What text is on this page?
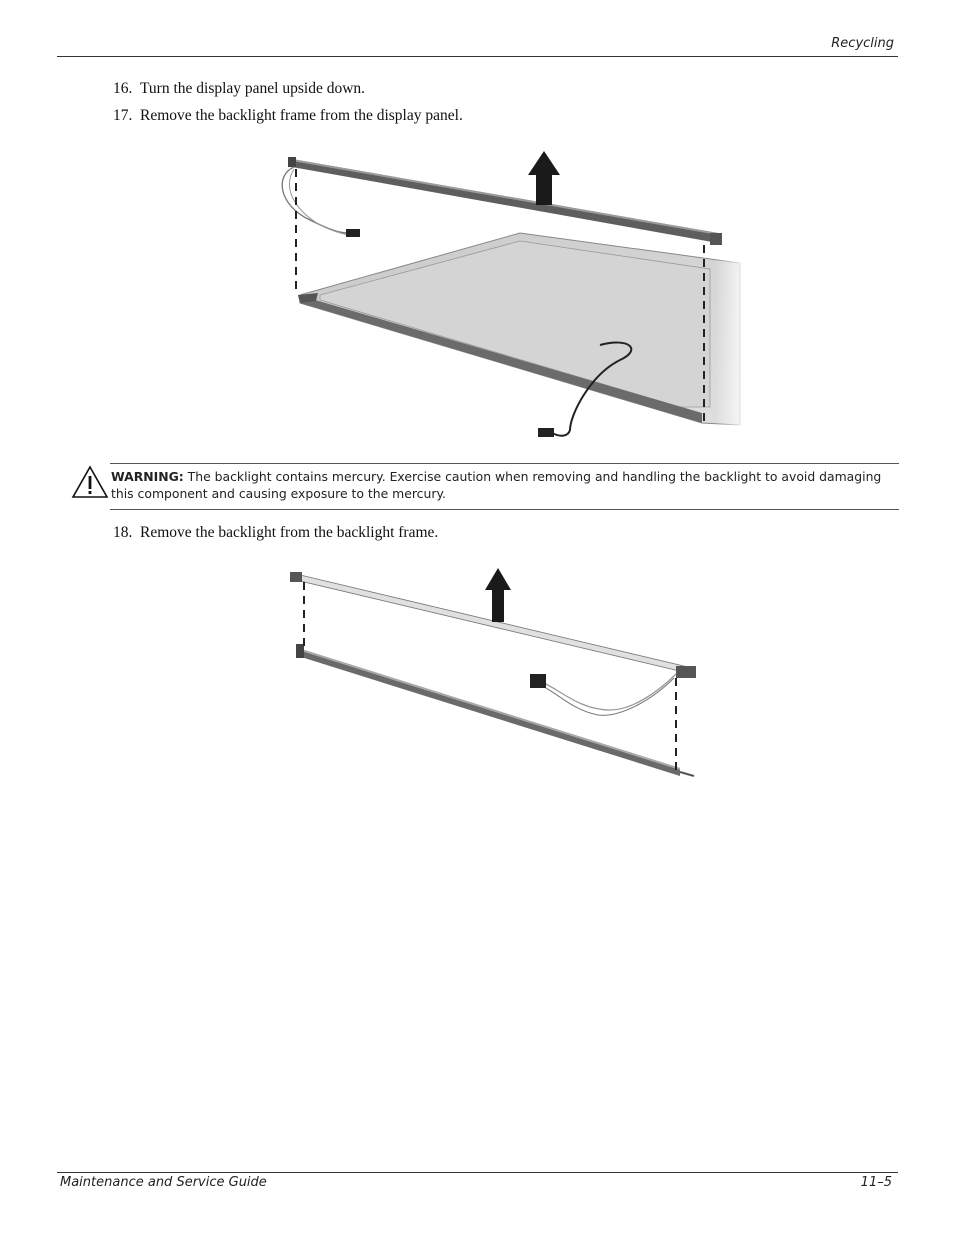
Recycling
16. Turn the display panel upside down.
17. Remove the backlight frame from the display panel.
WARNING: The backlight contains mercury. Exercise caution when removing and handling the backlight to avoid damaging this component and causing exposure to the mercury.
18. Remove the backlight from the backlight frame.
Maintenance and Service Guide	11–5
